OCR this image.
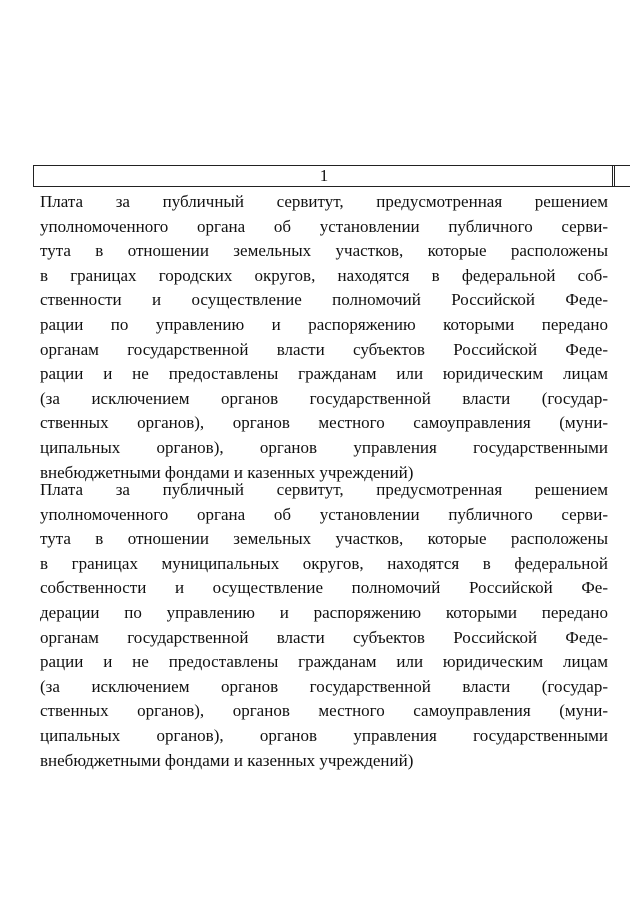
1
Плата за публичный сервитут, предусмотренная решением
уполномоченного органа об установлении публичного серви-
тута в отношении земельных участков, которые расположены
в границах городских округов, находятся в федеральной соб-
ственности и осуществление полномочий Российской Феде-
рации по управлению и распоряжению которыми передано
органам государственной власти субъектов Российской Феде-
рации и не предоставлены гражданам или юридическим лицам
(за исключением органов государственной власти (государ-
ственных органов), органов местного самоуправления (муни-
ципальных органов), органов управления государственными
внебюджетными фондами и казенных учреждений)
Плата за публичный сервитут, предусмотренная решением
уполномоченного органа об установлении публичного серви-
тута в отношении земельных участков, которые расположены
в границах муниципальных округов, находятся в федеральной
собственности и осуществление полномочий Российской Фе-
дерации по управлению и распоряжению которыми передано
органам государственной власти субъектов Российской Феде-
рации и не предоставлены гражданам или юридическим лицам
(за исключением органов государственной власти (государ-
ственных органов), органов местного самоуправления (муни-
ципальных органов), органов управления государственными
внебюджетными фондами и казенных учреждений)
